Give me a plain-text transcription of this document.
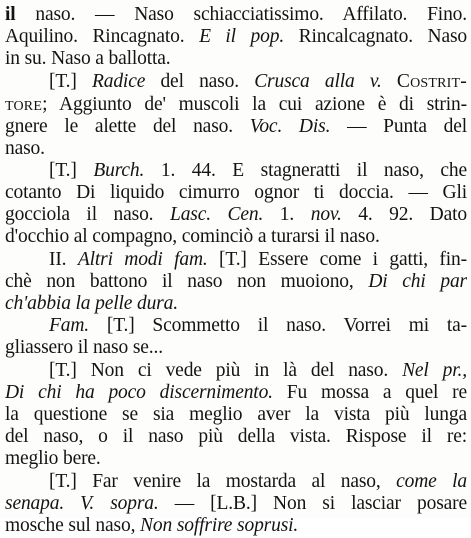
il naso. — Naso schiacciatissimo. Affilato. Fino.
Aquilino. Rincagnato. E il pop. Rincalcagnato. Naso
in su. Naso a ballotta.
[T.] Radice del naso. Crusca alla v. Costrit-
tore; Aggiunto de' muscoli la cui azione è di strin-
gnere le alette del naso. Voc. Dis. — Punta del
naso.
[T.] Burch. 1. 44. E stagneratti il naso, che
cotanto Di liquido cimurro ognor ti doccia. — Gli
gocciola il naso. Lasc. Cen. 1. nov. 4. 92. Dato
d'occhio al compagno, cominciò a turarsi il naso.
II. Altri modi fam. [T.] Essere come i gatti, fin-
chè non battono il naso non muoiono, Di chi par
ch'abbia la pelle dura.
Fam. [T.] Scommetto il naso. Vorrei mi ta-
gliassero il naso se...
[T.] Non ci vede più in là del naso. Nel pr.,
Di chi ha poco discernimento. Fu mossa a quel re
la questione se sia meglio aver la vista più lunga
del naso, o il naso più della vista. Rispose il re:
meglio bere.
[T.] Far venire la mostarda al naso, come la
senapa. V. sopra. — [L.B.] Non si lasciar posare
mosche sul naso, Non soffrire soprusi.
